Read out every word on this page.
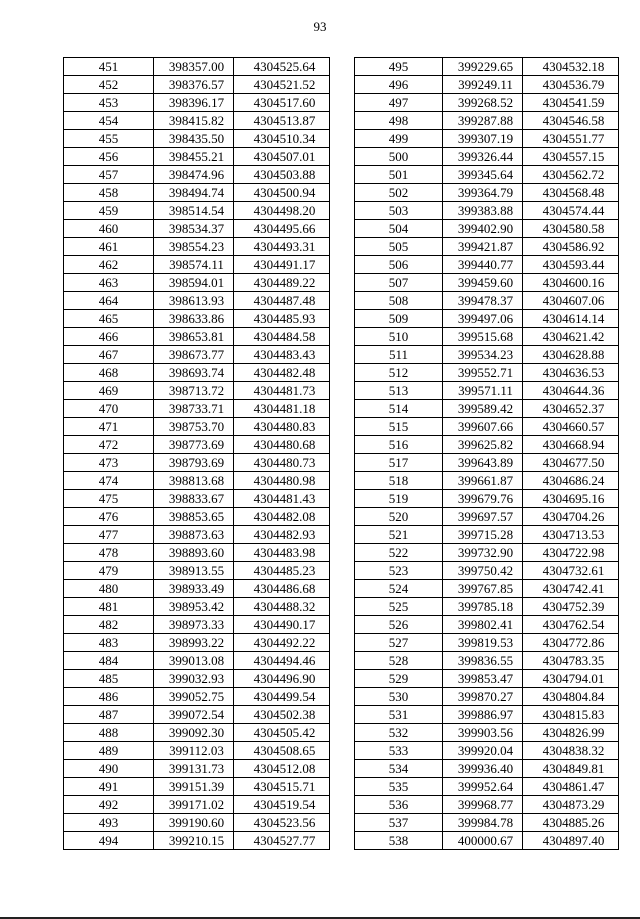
93
451	398357.00	4304525.64
452	398376.57	4304521.52
453	398396.17	4304517.60
454	398415.82	4304513.87
455	398435.50	4304510.34
456	398455.21	4304507.01
457	398474.96	4304503.88
458	398494.74	4304500.94
459	398514.54	4304498.20
460	398534.37	4304495.66
461	398554.23	4304493.31
462	398574.11	4304491.17
463	398594.01	4304489.22
464	398613.93	4304487.48
465	398633.86	4304485.93
466	398653.81	4304484.58
467	398673.77	4304483.43
468	398693.74	4304482.48
469	398713.72	4304481.73
470	398733.71	4304481.18
471	398753.70	4304480.83
472	398773.69	4304480.68
473	398793.69	4304480.73
474	398813.68	4304480.98
475	398833.67	4304481.43
476	398853.65	4304482.08
477	398873.63	4304482.93
478	398893.60	4304483.98
479	398913.55	4304485.23
480	398933.49	4304486.68
481	398953.42	4304488.32
482	398973.33	4304490.17
483	398993.22	4304492.22
484	399013.08	4304494.46
485	399032.93	4304496.90
486	399052.75	4304499.54
487	399072.54	4304502.38
488	399092.30	4304505.42
489	399112.03	4304508.65
490	399131.73	4304512.08
491	399151.39	4304515.71
492	399171.02	4304519.54
493	399190.60	4304523.56
494	399210.15	4304527.77
495	399229.65	4304532.18
496	399249.11	4304536.79
497	399268.52	4304541.59
498	399287.88	4304546.58
499	399307.19	4304551.77
500	399326.44	4304557.15
501	399345.64	4304562.72
502	399364.79	4304568.48
503	399383.88	4304574.44
504	399402.90	4304580.58
505	399421.87	4304586.92
506	399440.77	4304593.44
507	399459.60	4304600.16
508	399478.37	4304607.06
509	399497.06	4304614.14
510	399515.68	4304621.42
511	399534.23	4304628.88
512	399552.71	4304636.53
513	399571.11	4304644.36
514	399589.42	4304652.37
515	399607.66	4304660.57
516	399625.82	4304668.94
517	399643.89	4304677.50
518	399661.87	4304686.24
519	399679.76	4304695.16
520	399697.57	4304704.26
521	399715.28	4304713.53
522	399732.90	4304722.98
523	399750.42	4304732.61
524	399767.85	4304742.41
525	399785.18	4304752.39
526	399802.41	4304762.54
527	399819.53	4304772.86
528	399836.55	4304783.35
529	399853.47	4304794.01
530	399870.27	4304804.84
531	399886.97	4304815.83
532	399903.56	4304826.99
533	399920.04	4304838.32
534	399936.40	4304849.81
535	399952.64	4304861.47
536	399968.77	4304873.29
537	399984.78	4304885.26
538	400000.67	4304897.40
